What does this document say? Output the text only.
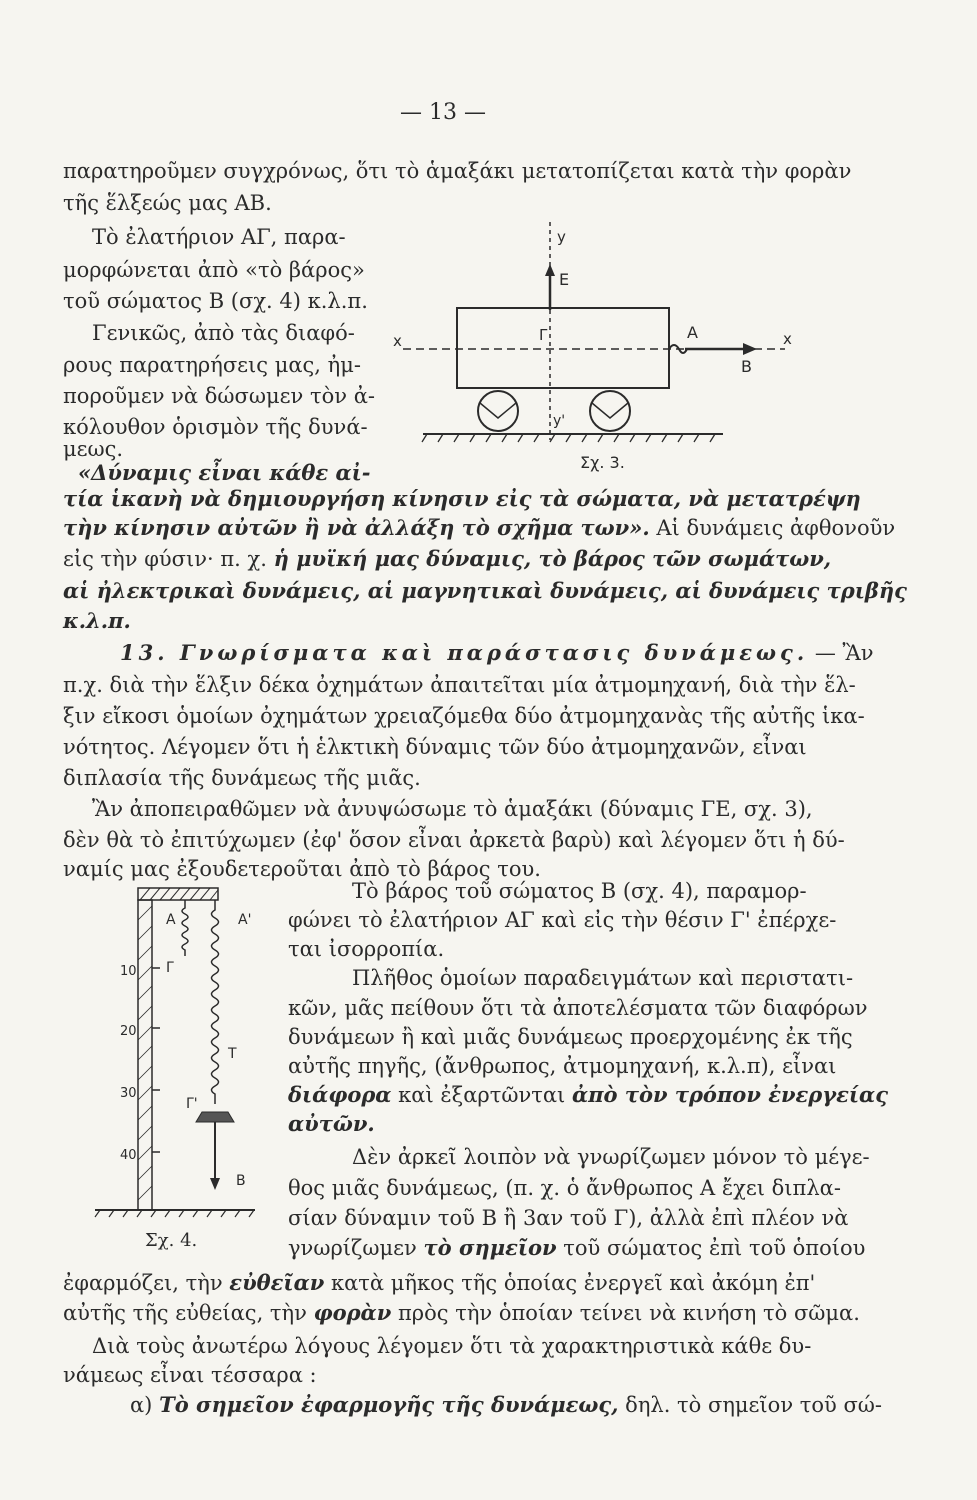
— 13 —
παρατηροῦμεν συγχρόνως, ὅτι τὸ ἁμαξάκι μετατοπίζεται κατὰ τὴν φορὰν
τῆς ἕλξεώς μας ΑΒ.
Τὸ ἐλατήριον ΑΓ, παρα-
μορφώνεται ἀπὸ «τὸ βάρος»
τοῦ σώματος Β (σχ. 4) κ.λ.π.
Γενικῶς, ἀπὸ τὰς διαφό-
ρους παρατηρήσεις μας, ἠμ-
ποροῦμεν νὰ δώσωμεν τὸν ἀ-
κόλουθον ὁρισμὸν τῆς δυνά-
μεως.
«Δύναμις εἶναι κάθε αἰ-
y
E
Γ
x	x
A
B
y'
Σχ. 3.
τία ἱκανὴ νὰ δημιουργήση κίνησιν εἰς τὰ σώματα, νὰ μετατρέψη
τὴν κίνησιν αὐτῶν ἢ νὰ ἀλλάξη τὸ σχῆμα των». Αἱ δυνάμεις ἀφθονοῦν
εἰς τὴν φύσιν· π. χ. ἡ μυϊκή μας δύναμις, τὸ βάρος τῶν σωμάτων,
αἱ ἠλεκτρικαὶ δυνάμεις, αἱ μαγνητικαὶ δυνάμεις, αἱ δυνάμεις τριβῆς
κ.λ.π.
13. Γνωρίσματα καὶ παράστασις δυνάμεως. — Ἂν
π.χ. διὰ τὴν ἕλξιν δέκα ὀχημάτων ἀπαιτεῖται μία ἀτμομηχανή, διὰ τὴν ἕλ-
ξιν εἴκοσι ὁμοίων ὀχημάτων χρειαζόμεθα δύο ἀτμομηχανὰς τῆς αὐτῆς ἱκα-
νότητος. Λέγομεν ὅτι ἡ ἑλκτικὴ δύναμις τῶν δύο ἀτμομηχανῶν, εἶναι
διπλασία τῆς δυνάμεως τῆς μιᾶς.
Ἂν ἀποπειραθῶμεν νὰ ἀνυψώσωμε τὸ ἁμαξάκι (δύναμις ΓΕ, σχ. 3),
δὲν θὰ τὸ ἐπιτύχωμεν (ἐφ' ὅσον εἶναι ἀρκετὰ βαρὺ) καὶ λέγομεν ὅτι ἡ δύ-
ναμίς μας ἐξουδετεροῦται ἀπὸ τὸ βάρος του.
10
20
30
40
A
Γ
A'
T
Γ'
B
Σχ. 4.
Τὸ βάρος τοῦ σώματος Β (σχ. 4), παραμορ-
φώνει τὸ ἐλατήριον ΑΓ καὶ εἰς τὴν θέσιν Γ' ἐπέρχε-
ται ἰσορροπία.
Πλῆθος ὁμοίων παραδειγμάτων καὶ περιστατι-
κῶν, μᾶς πείθουν ὅτι τὰ ἀποτελέσματα τῶν διαφόρων
δυνάμεων ἢ καὶ μιᾶς δυνάμεως προερχομένης ἐκ τῆς
αὐτῆς πηγῆς, (ἄνθρωπος, ἀτμομηχανή, κ.λ.π), εἶναι
διάφορα καὶ ἐξαρτῶνται ἀπὸ τὸν τρόπον ἐνεργείας
αὐτῶν.
Δὲν ἀρκεῖ λοιπὸν νὰ γνωρίζωμεν μόνον τὸ μέγε-
θος μιᾶς δυνάμεως, (π. χ. ὁ ἄνθρωπος Α ἔχει διπλα-
σίαν δύναμιν τοῦ Β ἢ 3αν τοῦ Γ), ἀλλὰ ἐπὶ πλέον νὰ
γνωρίζωμεν τὸ σημεῖον τοῦ σώματος ἐπὶ τοῦ ὁποίου
ἐφαρμόζει, τὴν εὐθεῖαν κατὰ μῆκος τῆς ὁποίας ἐνεργεῖ καὶ ἀκόμη ἐπ'
αὐτῆς τῆς εὐθείας, τὴν φορὰν πρὸς τὴν ὁποίαν τείνει νὰ κινήση τὸ σῶμα.
Διὰ τοὺς ἀνωτέρω λόγους λέγομεν ὅτι τὰ χαρακτηριστικὰ κάθε δυ-
νάμεως εἶναι τέσσαρα :
α) Τὸ σημεῖον ἐφαρμογῆς τῆς δυνάμεως, δηλ. τὸ σημεῖον τοῦ σώ-
